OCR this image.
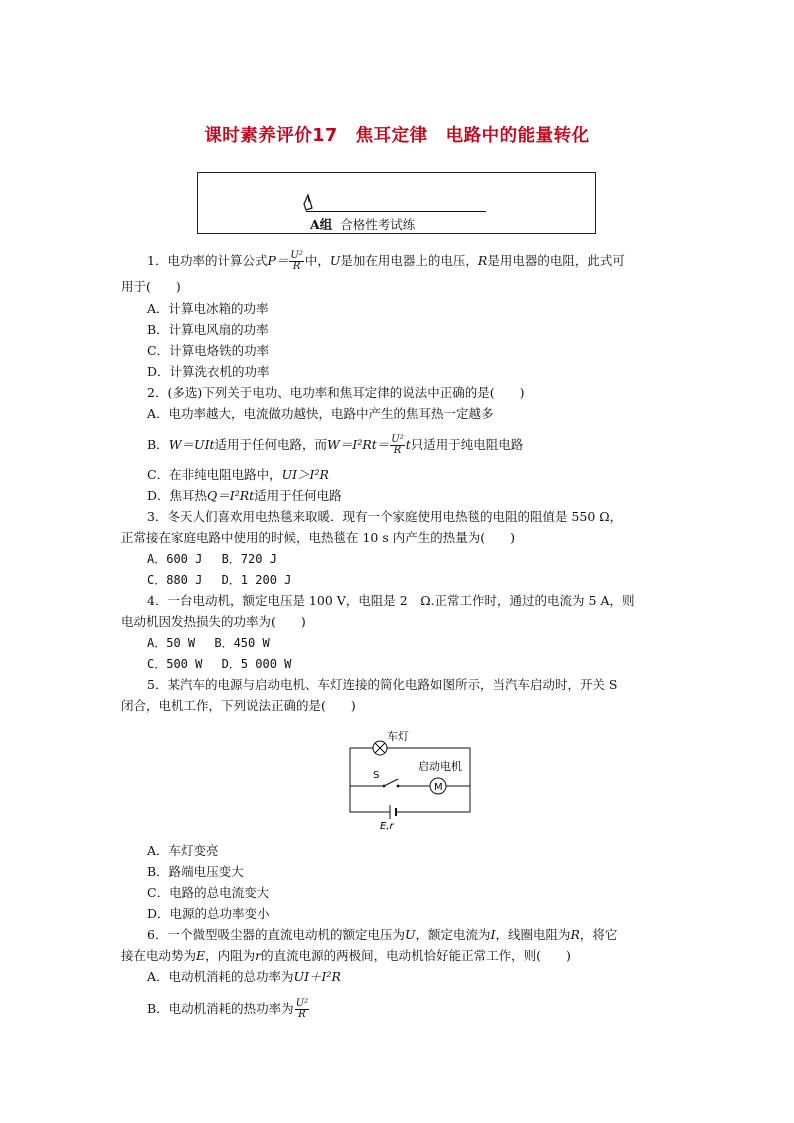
课时素养评价17　焦耳定律　电路中的能量转化
A组 合格性考试练
1．电功率的计算公式$P= \frac{\text{U²}}{R}$ 中，U是加在用电器上的电压，R是用电器的电阻，此式可
用于(　　)
A．计算电冰箱的功率
B．计算电风扇的功率
C．计算电烙铁的功率
D．计算洗衣机的功率
2．(多选)下列关于电功、电功率和焦耳定律的说法中正确的是(　　)
A．电功率越大，电流做功越快，电路中产生的焦耳热一定越多
B．W＝UIt适用于任何电路，而$W=I^2Rt= \frac{\text{U²}}{R}$ t只适用于纯电阻电路
C．在非纯电阻电路中，UI＞I²R
D．焦耳热Q＝I²Rt适用于任何电路
3．冬天人们喜欢用电热毯来取暖．现有一个家庭使用电热毯的电阻的阻值是 550 Ω，
正常接在家庭电路中使用的时候，电热毯在 10 s 内产生的热量为(　　)
A．600 J　 B．720 J
C．880 J　 D．1 200 J
4．一台电动机，额定电压是 100 V，电阻是 2　Ω.正常工作时，通过的电流为 5 A，则
电动机因发热损失的功率为(　　)
A．50 W　 B．450 W
C．500 W　 D．5 000 W
5．某汽车的电源与启动电机、车灯连接的简化电路如图所示，当汽车启动时，开关 S
闭合，电机工作，下列说法正确的是(　　)
车灯
S
M
启动电机
E,r
A．车灯变亮
B．路端电压变大
C．电路的总电流变大
D．电源的总功率变小
6．一个微型吸尘器的直流电动机的额定电压为U，额定电流为I，线圈电阻为R，将它
接在电动势为E，内阻为r的直流电源的两极间，电动机恰好能正常工作，则(　　)
A．电动机消耗的总功率为UI＋I²R
B．电动机消耗的热功率为 $\frac{\text{U²}}{R}$
